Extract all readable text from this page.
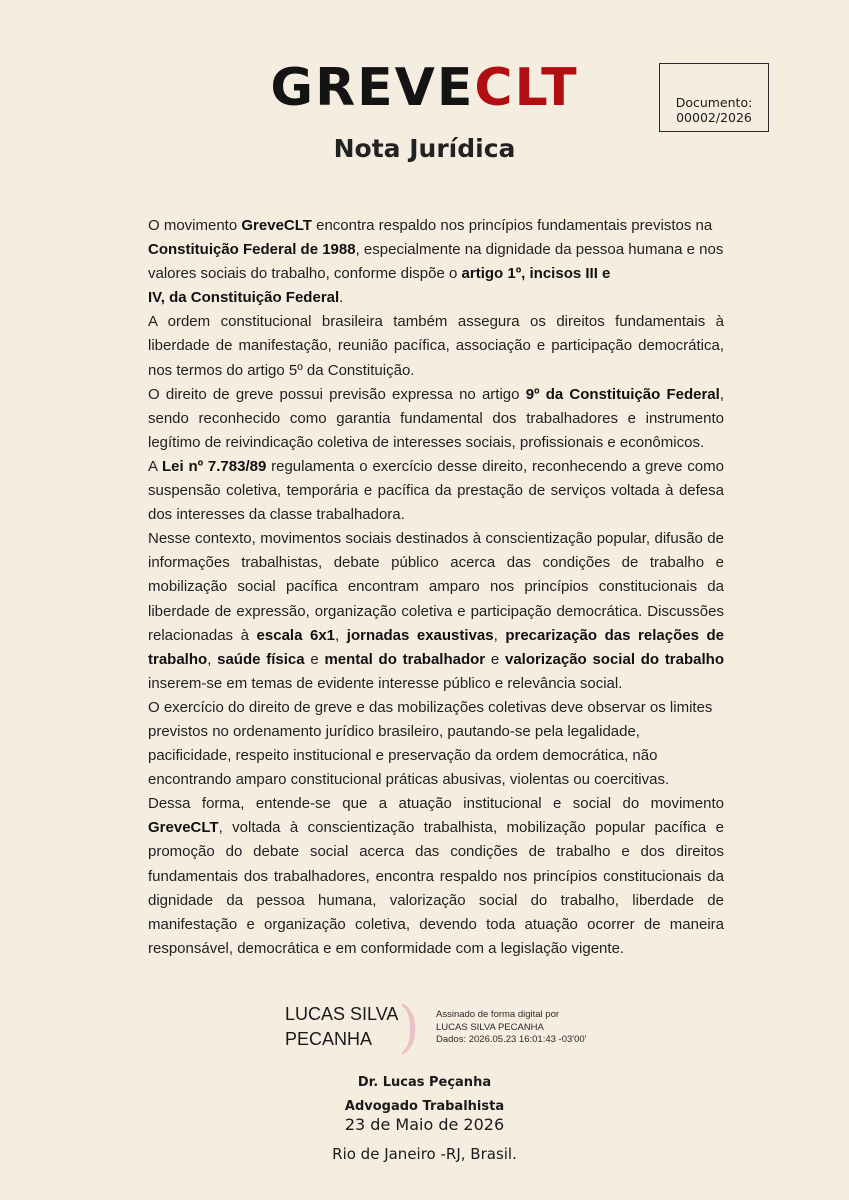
GREVECLT	Documento:
00002/2026
Nota Jurídica

O movimento GreveCLT encontra respaldo nos princípios fundamentais previstos na Constituição Federal de 1988, especialmente na dignidade da pessoa humana e nos valores sociais do trabalho, conforme dispõe o artigo 1º, incisos III e
IV, da Constituição Federal.

A ordem constitucional brasileira também assegura os direitos fundamentais à liberdade de manifestação, reunião pacífica, associação e participação democrática, nos termos do artigo 5º da Constituição.

O direito de greve possui previsão expressa no artigo 9º da Constituição Federal, sendo reconhecido como garantia fundamental dos trabalhadores e instrumento legítimo de reivindicação coletiva de interesses sociais, profissionais e econômicos.

A Lei nº 7.783/89 regulamenta o exercício desse direito, reconhecendo a greve como suspensão coletiva, temporária e pacífica da prestação de serviços voltada à defesa dos interesses da classe trabalhadora.

Nesse contexto, movimentos sociais destinados à conscientização popular, difusão de informações trabalhistas, debate público acerca das condições de trabalho e mobilização social pacífica encontram amparo nos princípios constitucionais da liberdade de expressão, organização coletiva e participação democrática. Discussões relacionadas à escala 6x1, jornadas exaustivas, precarização das relações de trabalho, saúde física e mental do trabalhador e valorização social do trabalho inserem-se em temas de evidente interesse público e relevância social.

O exercício do direito de greve e das mobilizações coletivas deve observar os limites previstos no ordenamento jurídico brasileiro, pautando-se pela legalidade, pacificidade, respeito institucional e preservação da ordem democrática, não encontrando amparo constitucional práticas abusivas, violentas ou coercitivas.

Dessa forma, entende-se que a atuação institucional e social do movimento GreveCLT, voltada à conscientização trabalhista, mobilização popular pacífica e promoção do debate social acerca das condições de trabalho e dos direitos fundamentais dos trabalhadores, encontra respaldo nos princípios constitucionais da dignidade da pessoa humana, valorização social do trabalho, liberdade de manifestação e organização coletiva, devendo toda atuação ocorrer de maneira responsável, democrática e em conformidade com a legislação vigente.

LUCAS SILVA
PECANHA ) Assinado de forma digital por
LUCAS SILVA PECANHA
Dados: 2026.05.23 16:01:43 -03'00'
Dr. Lucas Peçanha
Advogado Trabalhista
23 de Maio de 2026
Rio de Janeiro -RJ, Brasil.
